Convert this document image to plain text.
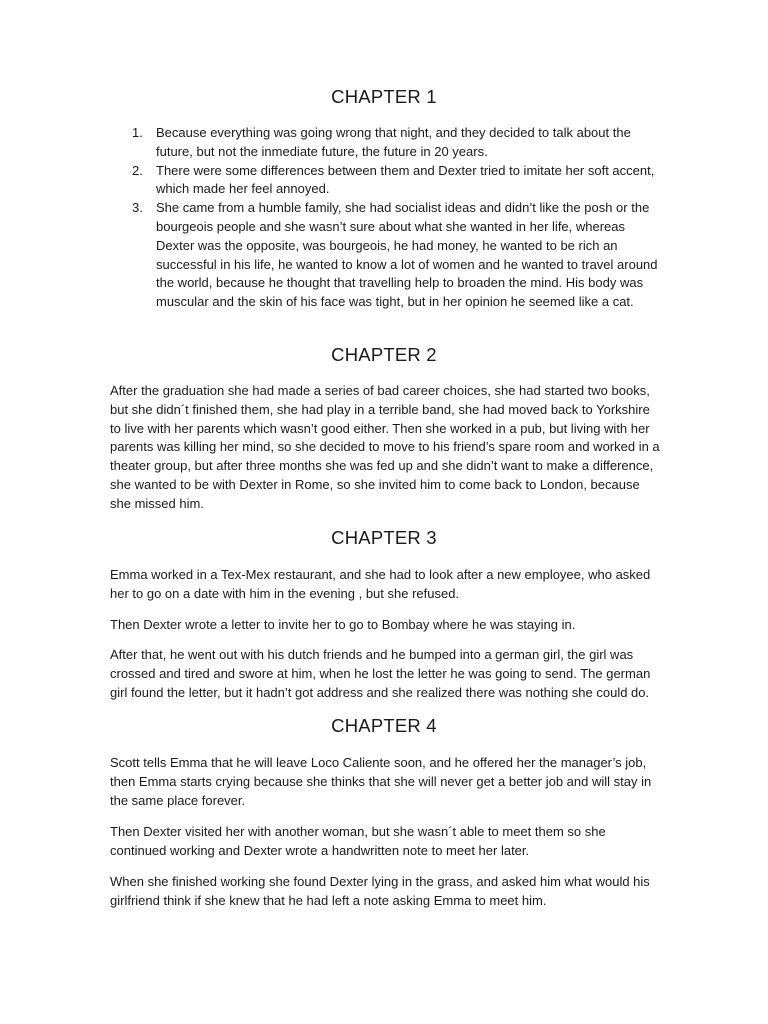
CHAPTER 1
1. Because everything was going wrong that night, and they decided to talk about the future, but not the inmediate future, the future in 20 years.
2. There were some differences between them and Dexter tried to imitate her soft accent, which made her feel annoyed.
3. She came from a humble family, she had socialist ideas and didn’t like the posh or the bourgeois people and she wasn’t sure about what she wanted in her life, whereas Dexter was the opposite, was bourgeois, he had money, he wanted to be rich an successful in his life, he wanted to know a lot of women and he wanted to travel around the world, because he thought that travelling help to broaden the mind. His body was muscular and the skin of his face was tight, but in her opinion he seemed like a cat.
CHAPTER 2

After the graduation she had made a series of bad career choices, she had started two books, but she didn´t finished them, she had play in a terrible band, she had moved back to Yorkshire to live with her parents which wasn’t good either. Then she worked in a pub, but living with her parents was killing her mind, so she decided to move to his friend’s spare room and worked in a theater group, but after three months she was fed up and she didn’t want to make a difference, she wanted to be with Dexter in Rome, so she invited him to come back to London, because she missed him.

CHAPTER 3

Emma worked in a Tex-Mex restaurant, and she had to look after a new employee, who asked her to go on a date with him in the evening , but she refused.

Then Dexter wrote a letter to invite her to go to Bombay where he was staying in.

After that, he went out with his dutch friends and he bumped into a german girl, the girl was crossed and tired and swore at him, when he lost the letter he was going to send. The german girl found the letter, but it hadn’t got address and she realized there was nothing she could do.

CHAPTER 4

Scott tells Emma that he will leave Loco Caliente soon, and he offered her the manager’s job, then Emma starts crying because she thinks that she will never get a better job and will stay in the same place forever.

Then Dexter visited her with another woman, but she wasn´t able to meet them so she continued working and Dexter wrote a handwritten note to meet her later.

When she finished working she found Dexter lying in the grass, and asked him what would his girlfriend think if she knew that he had left a note asking Emma to meet him.
